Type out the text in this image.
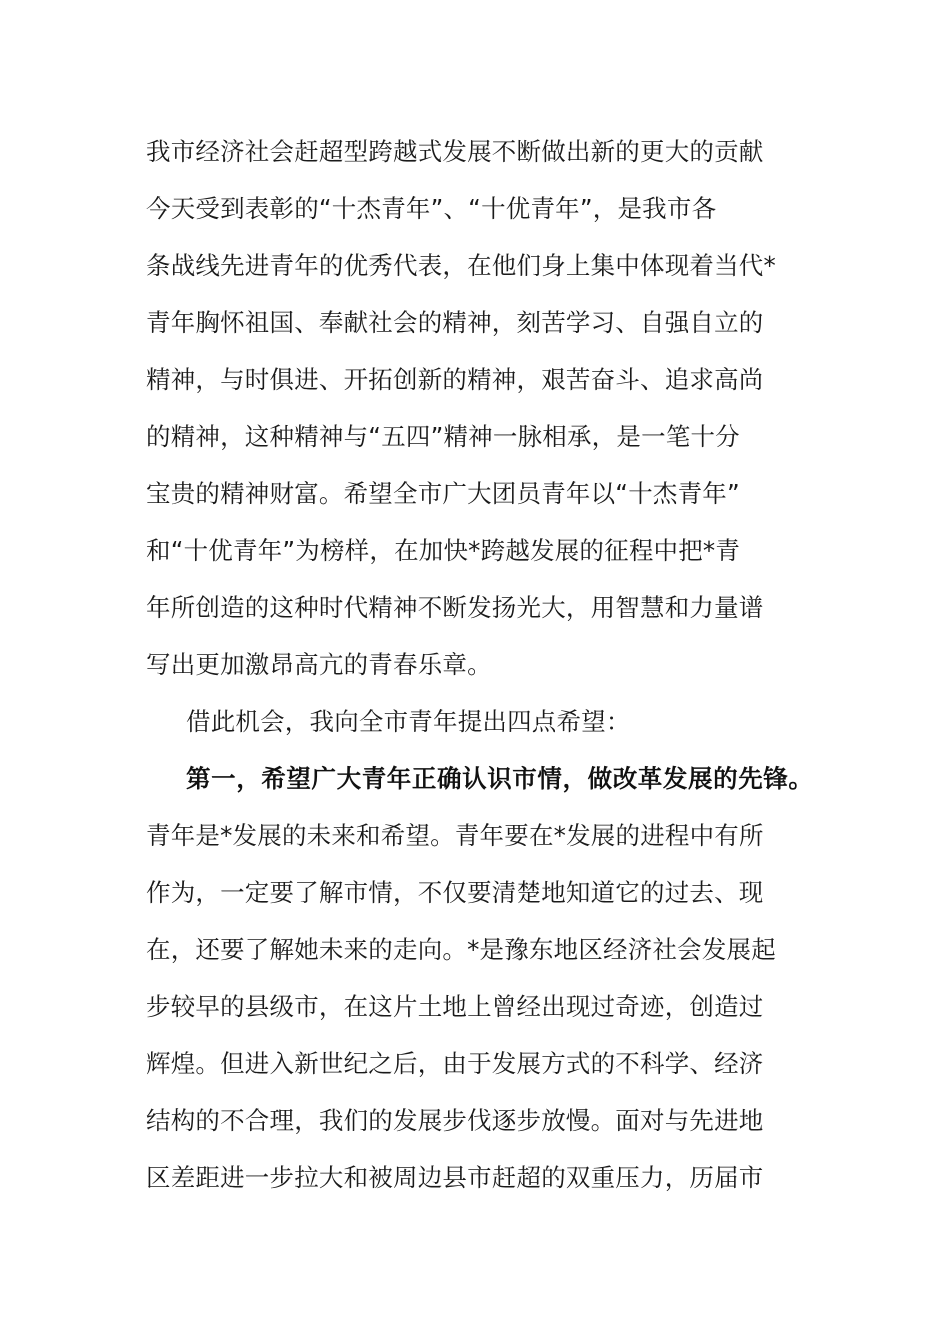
我市经济社会赶超型跨越式发展不断做出新的更大的贡献
今天受到表彰的“十杰青年”、“十优青年”，是我市各
条战线先进青年的优秀代表，在他们身上集中体现着当代*
青年胸怀祖国、奉献社会的精神，刻苦学习、自强自立的
精神，与时俱进、开拓创新的精神，艰苦奋斗、追求高尚
的精神，这种精神与“五四”精神一脉相承，是一笔十分
宝贵的精神财富。希望全市广大团员青年以“十杰青年”
和“十优青年”为榜样，在加快*跨越发展的征程中把*青
年所创造的这种时代精神不断发扬光大，用智慧和力量谱
写出更加激昂高亢的青春乐章。
借此机会，我向全市青年提出四点希望：
第一，希望广大青年正确认识市情，做改革发展的先锋。
青年是*发展的未来和希望。青年要在*发展的进程中有所
作为，一定要了解市情，不仅要清楚地知道它的过去、现
在，还要了解她未来的走向。*是豫东地区经济社会发展起
步较早的县级市，在这片土地上曾经出现过奇迹，创造过
辉煌。但进入新世纪之后，由于发展方式的不科学、经济
结构的不合理，我们的发展步伐逐步放慢。面对与先进地
区差距进一步拉大和被周边县市赶超的双重压力，历届市
